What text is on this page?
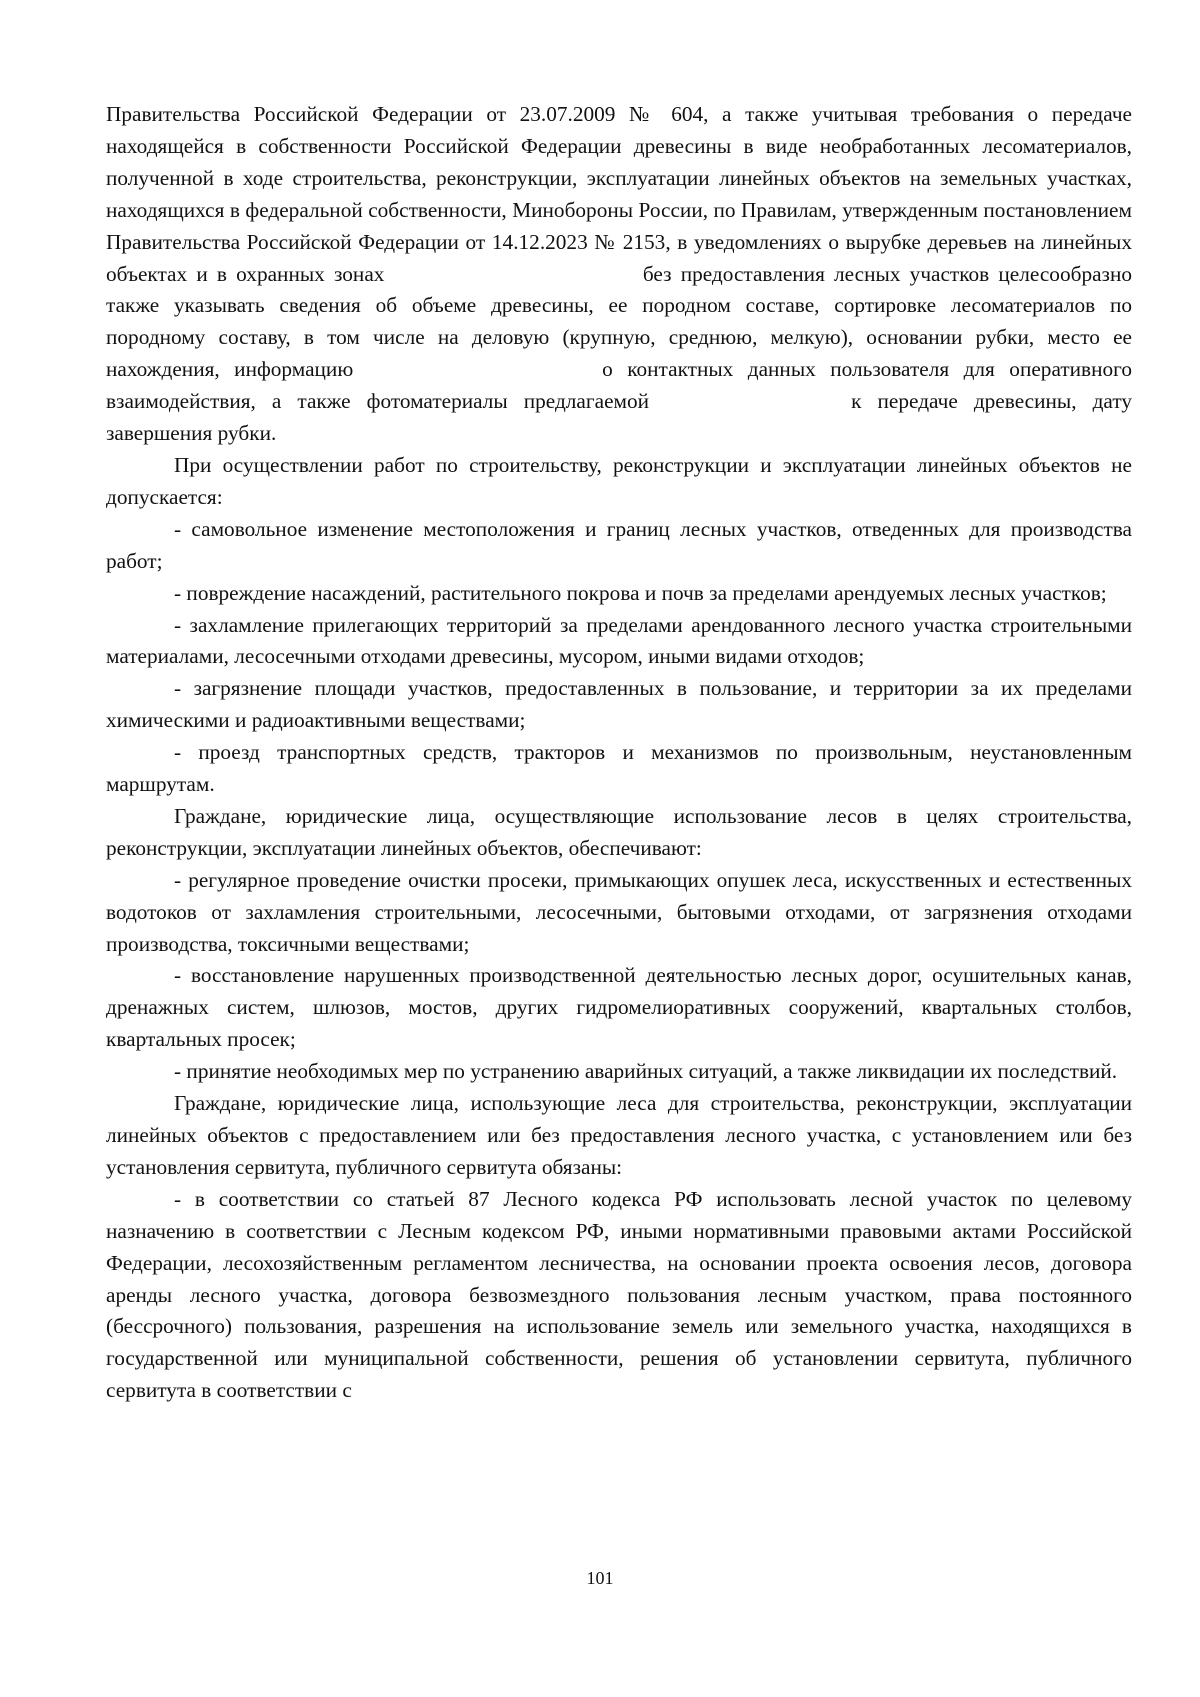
Правительства Российской Федерации от 23.07.2009 № 604, а также учитывая требования о передаче находящейся в собственности Российской Федерации древесины в виде необработанных лесоматериалов, полученной в ходе строительства, реконструкции, эксплуатации линейных объектов на земельных участках, находящихся в федеральной собственности, Минобороны России, по Правилам, утвержденным постановлением Правительства Российской Федерации от 14.12.2023 № 2153, в уведомлениях о вырубке деревьев на линейных объектах и в охранных зонах	без предоставления лесных участков целесообразно также указывать сведения об объеме древесины, ее породном составе, сортировке лесоматериалов по породному составу, в том числе на деловую (крупную, среднюю, мелкую), основании рубки, место ее нахождения, информацию	о контактных данных пользователя для оперативного взаимодействия, а также фотоматериалы предлагаемой	к передаче древесины, дату завершения рубки.

При осуществлении работ по строительству, реконструкции и эксплуатации линейных объектов не допускается:

- самовольное изменение местоположения и границ лесных участков, отведенных для производства работ;

- повреждение насаждений, растительного покрова и почв за пределами арендуемых лесных участков;

- захламление прилегающих территорий за пределами арендованного лесного участка строительными материалами, лесосечными отходами древесины, мусором, иными видами отходов;

- загрязнение площади участков, предоставленных в пользование, и территории за их пределами химическими и радиоактивными веществами;

- проезд транспортных средств, тракторов и механизмов по произвольным, неустановленным маршрутам.

Граждане, юридические лица, осуществляющие использование лесов в целях строительства, реконструкции, эксплуатации линейных объектов, обеспечивают:

- регулярное проведение очистки просеки, примыкающих опушек леса, искусственных и естественных водотоков от захламления строительными, лесосечными, бытовыми отходами, от загрязнения отходами производства, токсичными веществами;

- восстановление нарушенных производственной деятельностью лесных дорог, осушительных канав, дренажных систем, шлюзов, мостов, других гидромелиоративных сооружений, квартальных столбов, квартальных просек;

- принятие необходимых мер по устранению аварийных ситуаций, а также ликвидации их последствий.

Граждане, юридические лица, использующие леса для строительства, реконструкции, эксплуатации линейных объектов с предоставлением или без предоставления лесного участка, с установлением или без установления сервитута, публичного сервитута обязаны:

- в соответствии со статьей 87 Лесного кодекса РФ использовать лесной участок по целевому назначению в соответствии с Лесным кодексом РФ, иными нормативными правовыми актами Российской Федерации, лесохозяйственным регламентом лесничества, на основании проекта освоения лесов, договора аренды лесного участка, договора безвозмездного пользования лесным участком, права постоянного (бессрочного) пользования, разрешения на использование земель или земельного участка, находящихся в государственной или муниципальной собственности, решения об установлении сервитута, публичного сервитута в соответствии с

101
